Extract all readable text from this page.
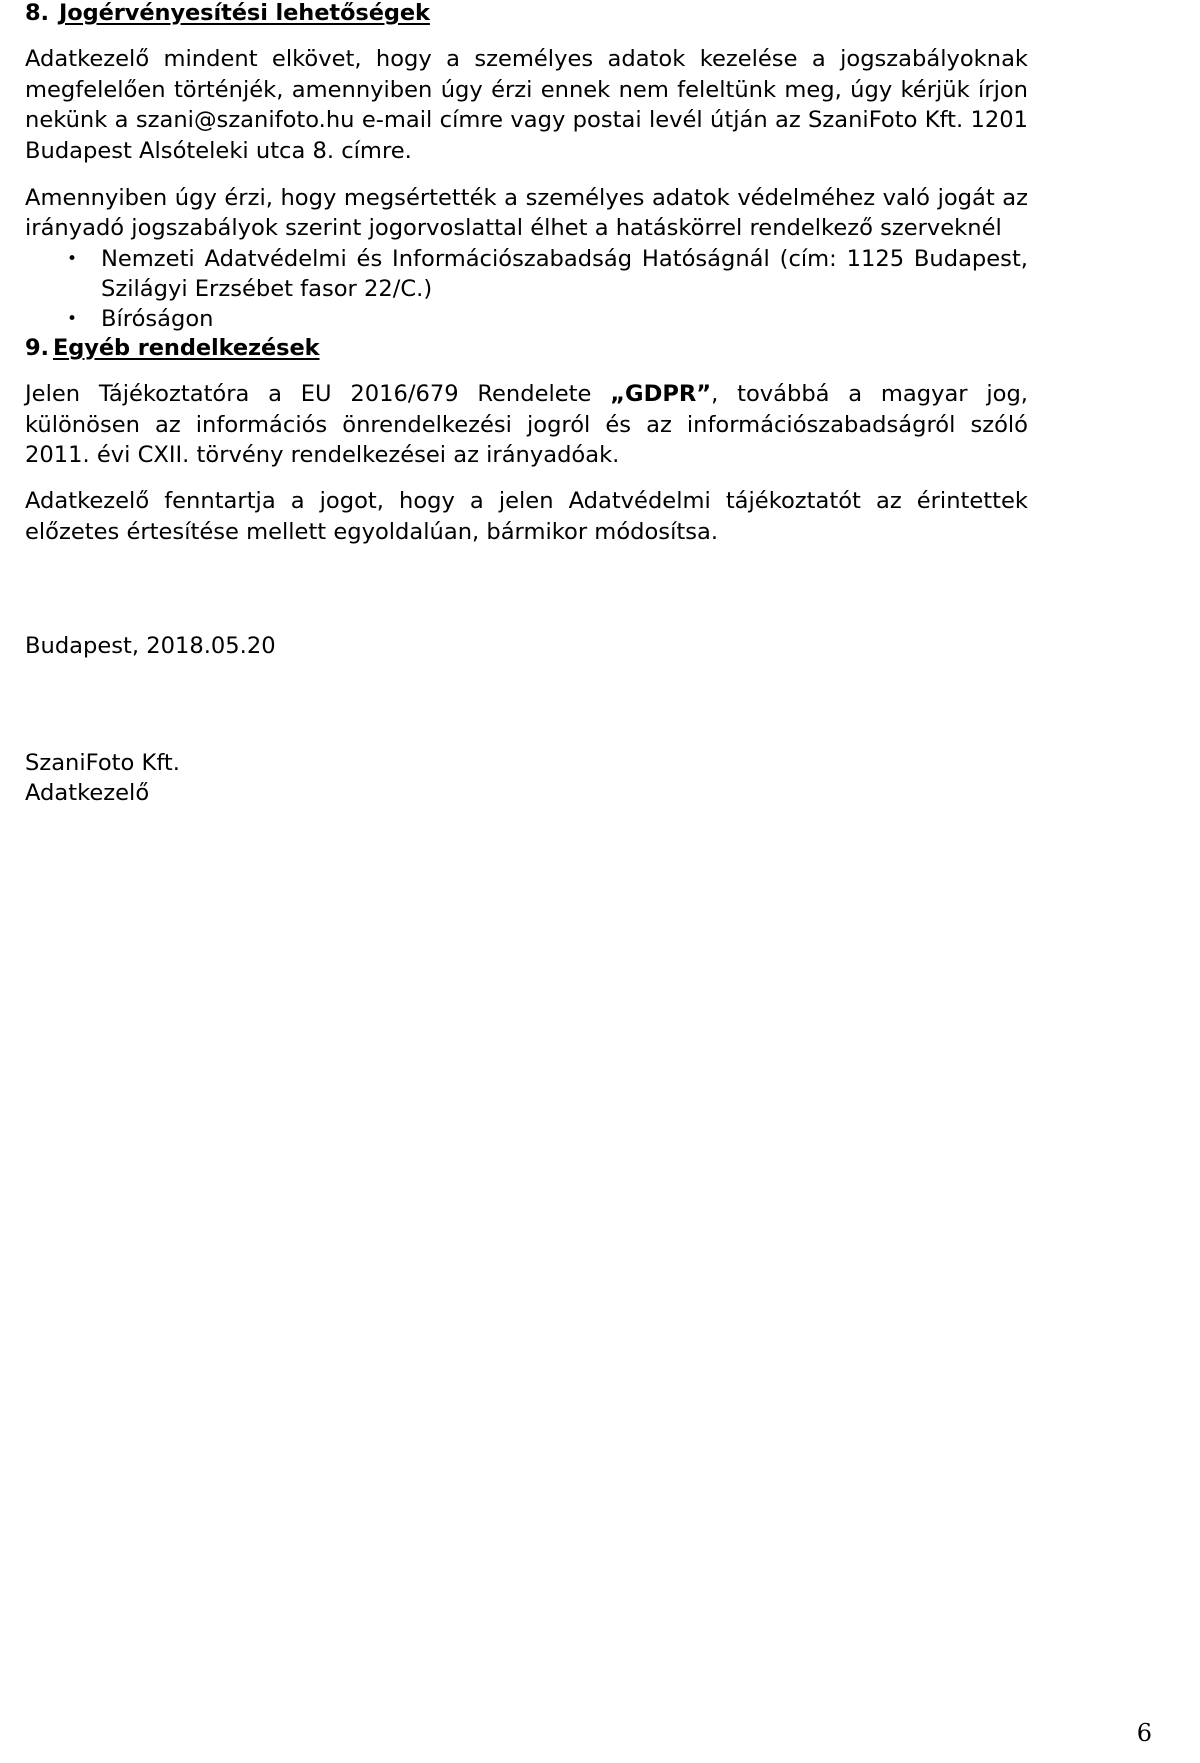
8. Jogérvényesítési lehetőségek

Adatkezelő mindent elkövet, hogy a személyes adatok kezelése a jogszabályoknak megfelelően történjék, amennyiben úgy érzi ennek nem feleltünk meg, úgy kérjük írjon nekünk a szani@szanifoto.hu e-mail címre vagy postai levél útján az SzaniFoto Kft. 1201 Budapest Alsóteleki utca 8. címre.

Amennyiben úgy érzi, hogy megsértették a személyes adatok védelméhez való jogát az irányadó jogszabályok szerint jogorvoslattal élhet a hatáskörrel rendelkező szerveknél

• Nemzeti Adatvédelmi és Információszabadság Hatóságnál (cím: 1125 Budapest, Szilágyi Erzsébet fasor 22/C.)
• Bíróságon
9. Egyéb rendelkezések

Jelen Tájékoztatóra a EU 2016/679 Rendelete „GDPR”, továbbá a magyar jog, különösen az információs önrendelkezési jogról és az információszabadságról szóló 2011. évi CXII. törvény rendelkezései az irányadóak.

Adatkezelő fenntartja a jogot, hogy a jelen Adatvédelmi tájékoztatót az érintettek előzetes értesítése mellett egyoldalúan, bármikor módosítsa.

Budapest, 2018.05.20
SzaniFoto Kft.
Adatkezelő
6
